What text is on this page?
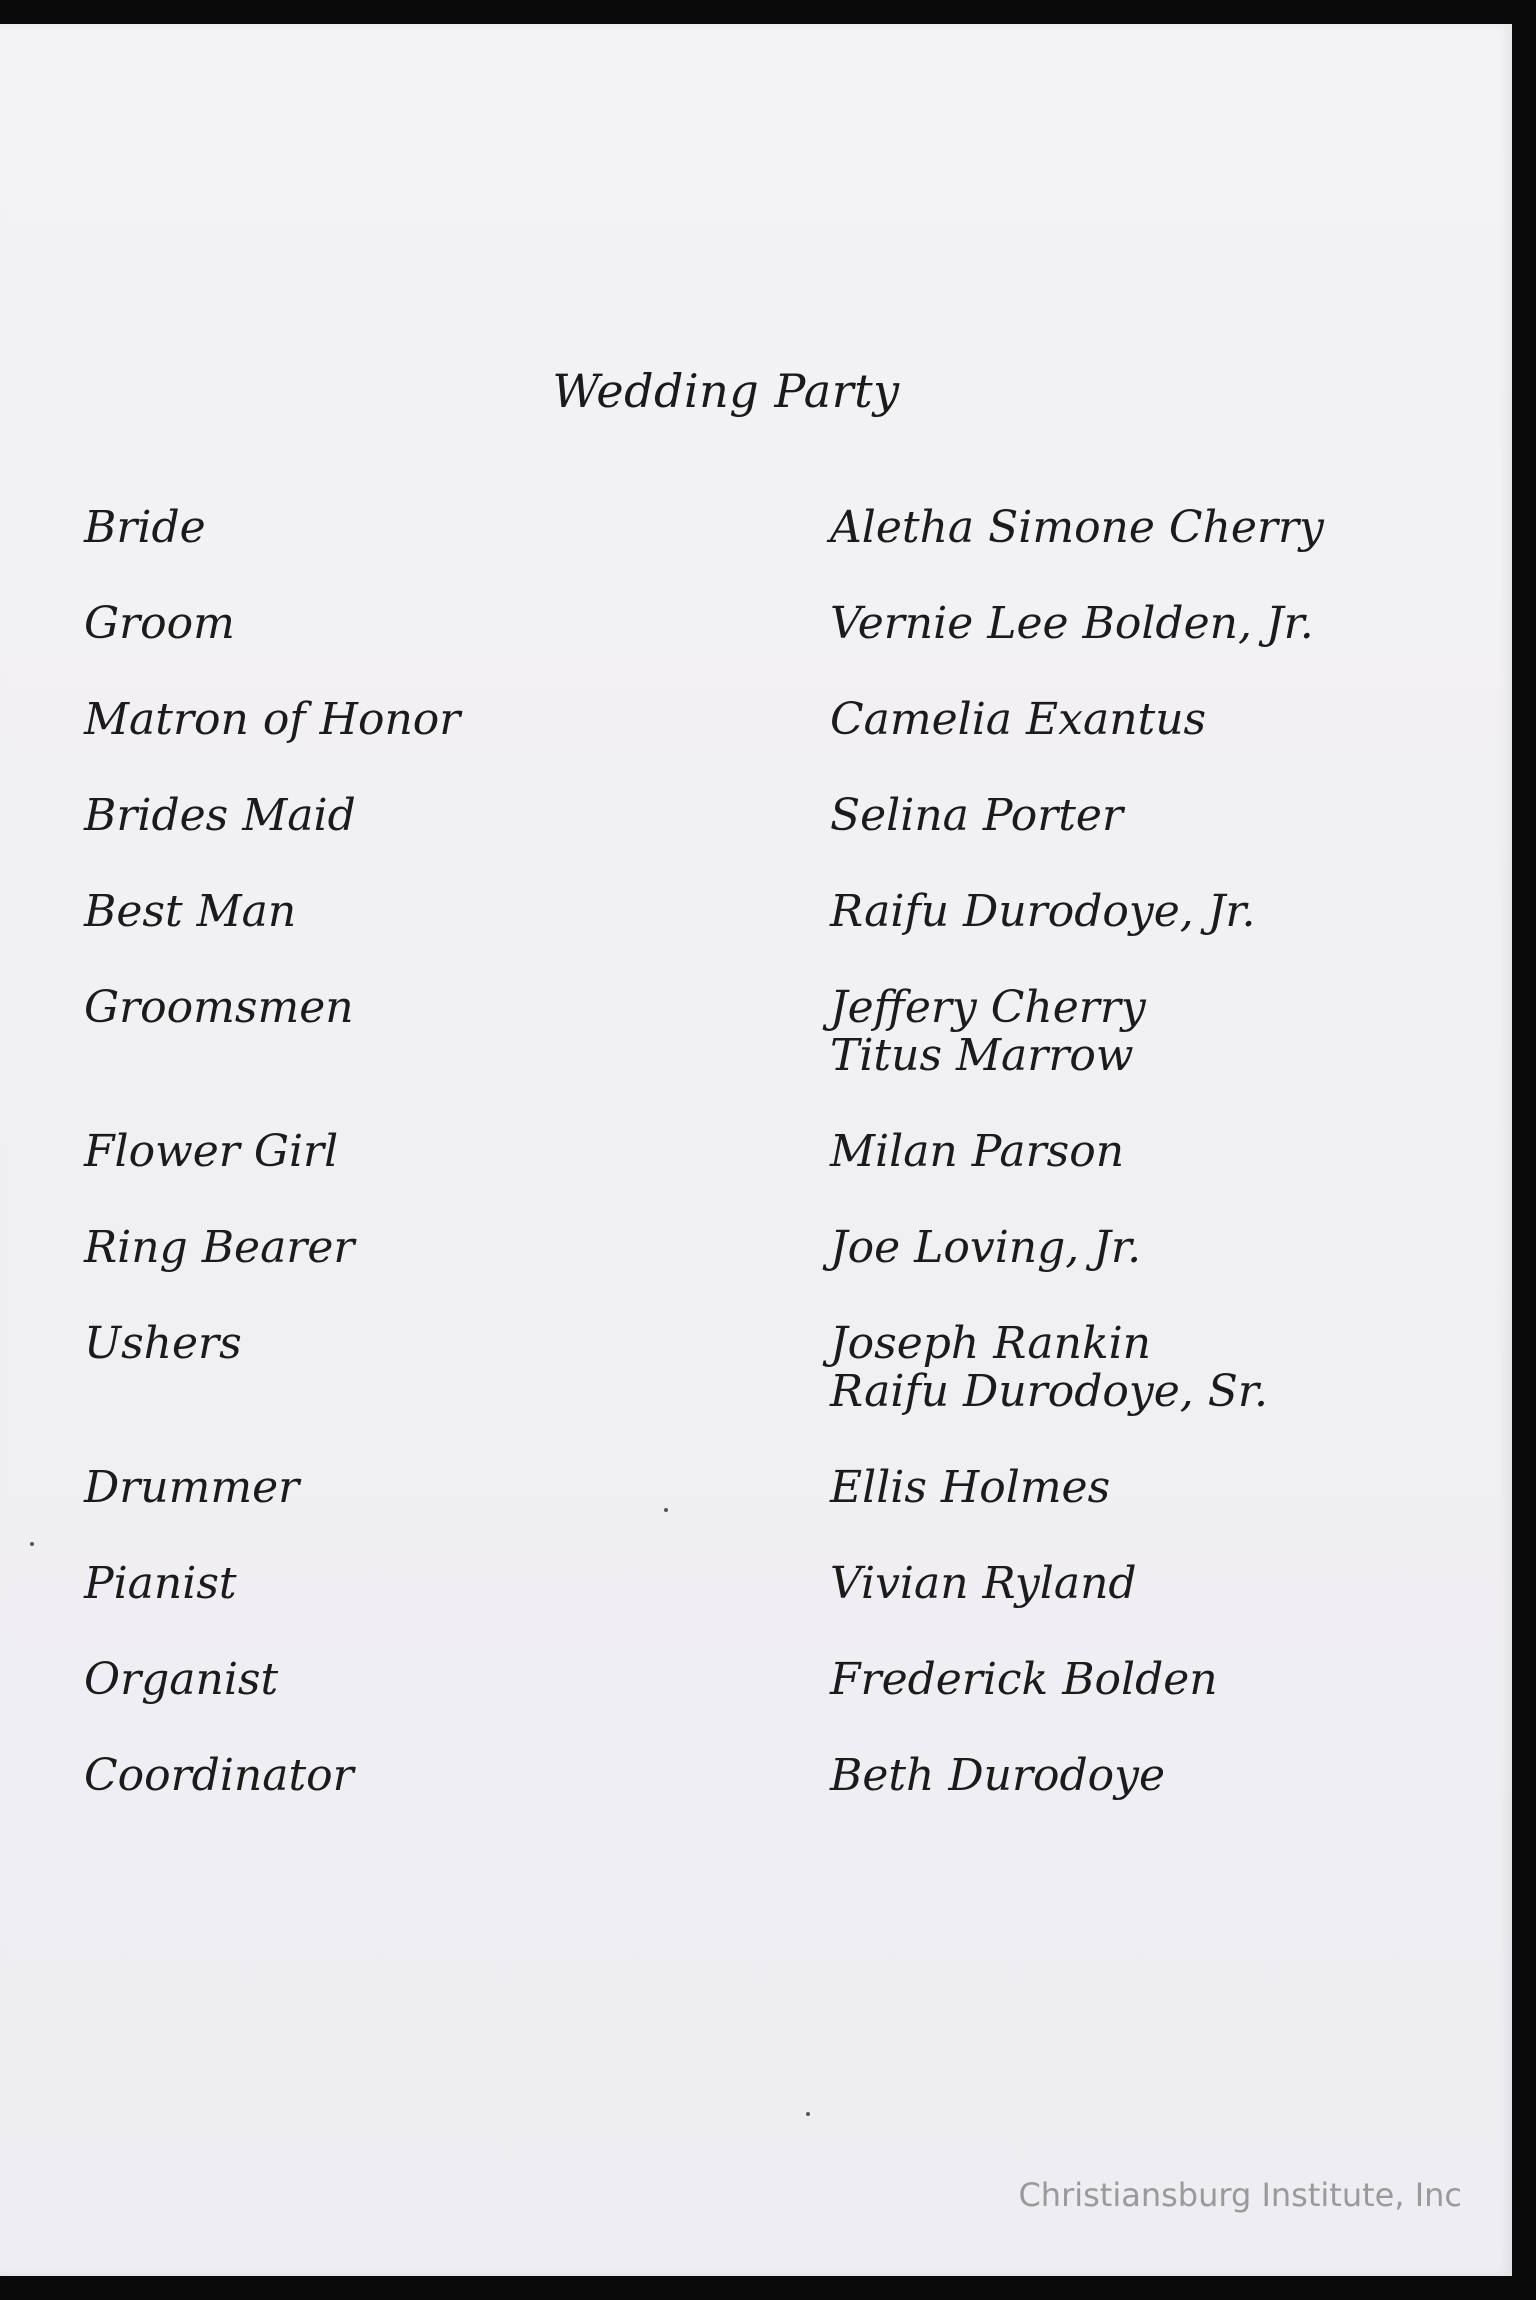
Wedding Party
Bride	Aletha Simone Cherry
Groom	Vernie Lee Bolden, Jr.
Matron of Honor	Camelia Exantus
Brides Maid	Selina Porter
Best Man	Raifu Durodoye, Jr.
Groomsmen	Jeffery Cherry
Titus Marrow
Flower Girl	Milan Parson
Ring Bearer	Joe Loving, Jr.
Ushers	Joseph Rankin
Raifu Durodoye, Sr.
Drummer	Ellis Holmes
Pianist	Vivian Ryland
Organist	Frederick Bolden
Coordinator	Beth Durodoye
Christiansburg Institute, Inc
